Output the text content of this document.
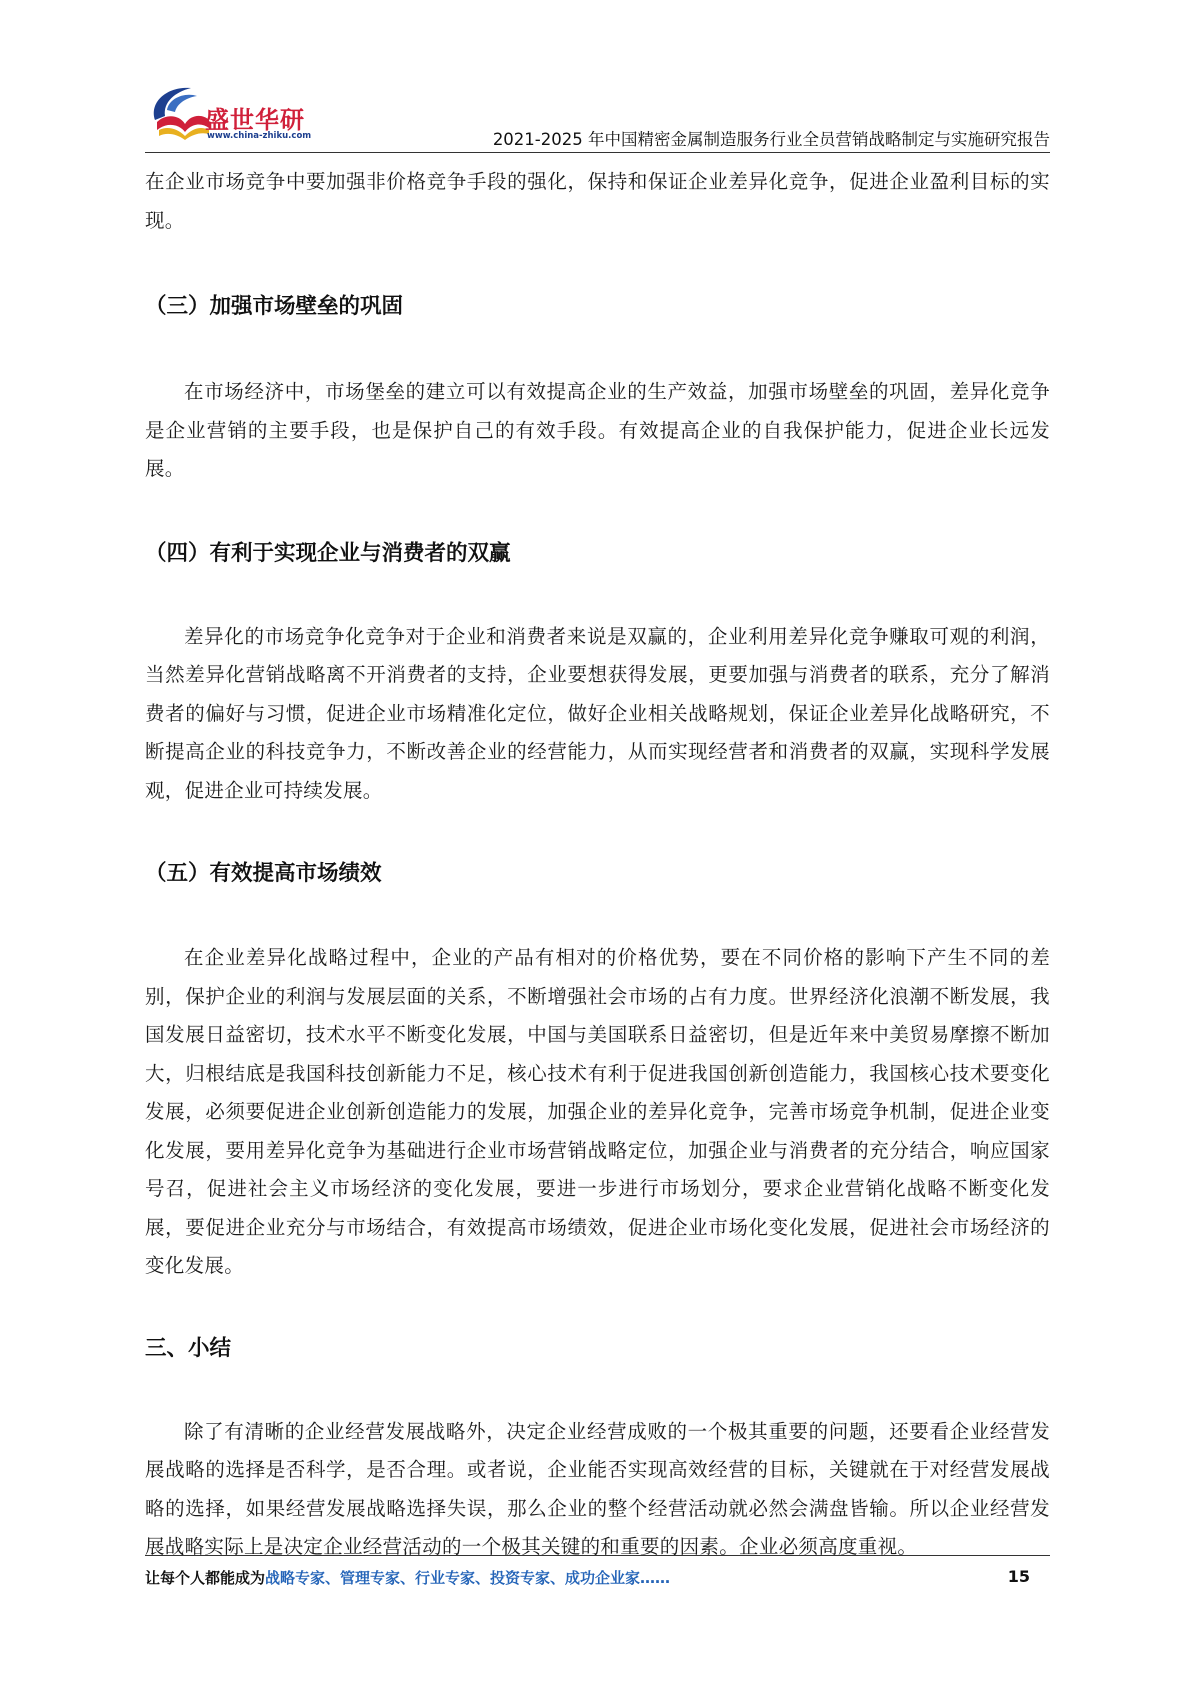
盛世华研
www.china-zhiku.com	2021-2025 年中国精密金属制造服务行业全员营销战略制定与实施研究报告

在企业市场竞争中要加强非价格竞争手段的强化，保持和保证企业差异化竞争，促进企业盈利目标的实现。

（三）加强市场壁垒的巩固

在市场经济中，市场堡垒的建立可以有效提高企业的生产效益，加强市场壁垒的巩固，差异化竞争是企业营销的主要手段，也是保护自己的有效手段。有效提高企业的自我保护能力，促进企业长远发展。

（四）有利于实现企业与消费者的双赢

差异化的市场竞争化竞争对于企业和消费者来说是双赢的，企业利用差异化竞争赚取可观的利润，当然差异化营销战略离不开消费者的支持，企业要想获得发展，更要加强与消费者的联系，充分了解消费者的偏好与习惯，促进企业市场精准化定位，做好企业相关战略规划，保证企业差异化战略研究，不断提高企业的科技竞争力，不断改善企业的经营能力，从而实现经营者和消费者的双赢，实现科学发展观，促进企业可持续发展。

（五）有效提高市场绩效

在企业差异化战略过程中，企业的产品有相对的价格优势，要在不同价格的影响下产生不同的差别，保护企业的利润与发展层面的关系，不断增强社会市场的占有力度。世界经济化浪潮不断发展，我国发展日益密切，技术水平不断变化发展，中国与美国联系日益密切，但是近年来中美贸易摩擦不断加大，归根结底是我国科技创新能力不足，核心技术有利于促进我国创新创造能力，我国核心技术要变化发展，必须要促进企业创新创造能力的发展，加强企业的差异化竞争，完善市场竞争机制，促进企业变化发展，要用差异化竞争为基础进行企业市场营销战略定位，加强企业与消费者的充分结合，响应国家号召，促进社会主义市场经济的变化发展，要进一步进行市场划分，要求企业营销化战略不断变化发展，要促进企业充分与市场结合，有效提高市场绩效，促进企业市场化变化发展，促进社会市场经济的变化发展。

三、小结

除了有清晰的企业经营发展战略外，决定企业经营成败的一个极其重要的问题，还要看企业经营发展战略的选择是否科学，是否合理。或者说，企业能否实现高效经营的目标，关键就在于对经营发展战略的选择，如果经营发展战略选择失误，那么企业的整个经营活动就必然会满盘皆输。所以企业经营发展战略实际上是决定企业经营活动的一个极其关键的和重要的因素。企业必须高度重视。

让每个人都能成为战略专家、管理专家、行业专家、投资专家、成功企业家……	15
